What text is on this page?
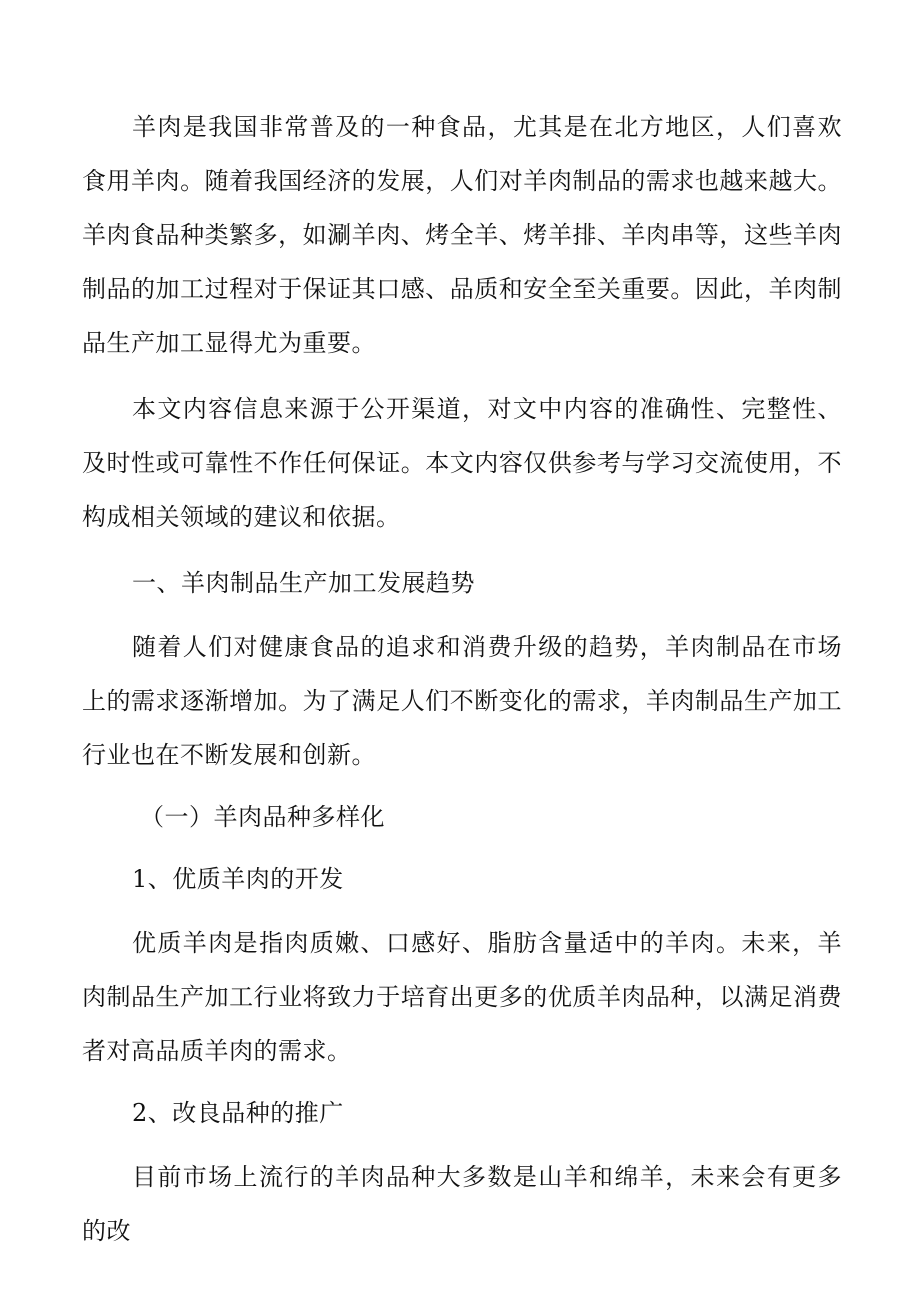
羊肉是我国非常普及的一种食品，尤其是在北方地区，人们喜欢食用羊肉。随着我国经济的发展，人们对羊肉制品的需求也越来越大。羊肉食品种类繁多，如涮羊肉、烤全羊、烤羊排、羊肉串等，这些羊肉制品的加工过程对于保证其口感、品质和安全至关重要。因此，羊肉制品生产加工显得尤为重要。

本文内容信息来源于公开渠道，对文中内容的准确性、完整性、及时性或可靠性不作任何保证。本文内容仅供参考与学习交流使用，不构成相关领域的建议和依据。

一、羊肉制品生产加工发展趋势

随着人们对健康食品的追求和消费升级的趋势，羊肉制品在市场上的需求逐渐增加。为了满足人们不断变化的需求，羊肉制品生产加工行业也在不断发展和创新。

（一）羊肉品种多样化

1、优质羊肉的开发

优质羊肉是指肉质嫩、口感好、脂肪含量适中的羊肉。未来，羊肉制品生产加工行业将致力于培育出更多的优质羊肉品种，以满足消费者对高品质羊肉的需求。

2、改良品种的推广

目前市场上流行的羊肉品种大多数是山羊和绵羊，未来会有更多的改
